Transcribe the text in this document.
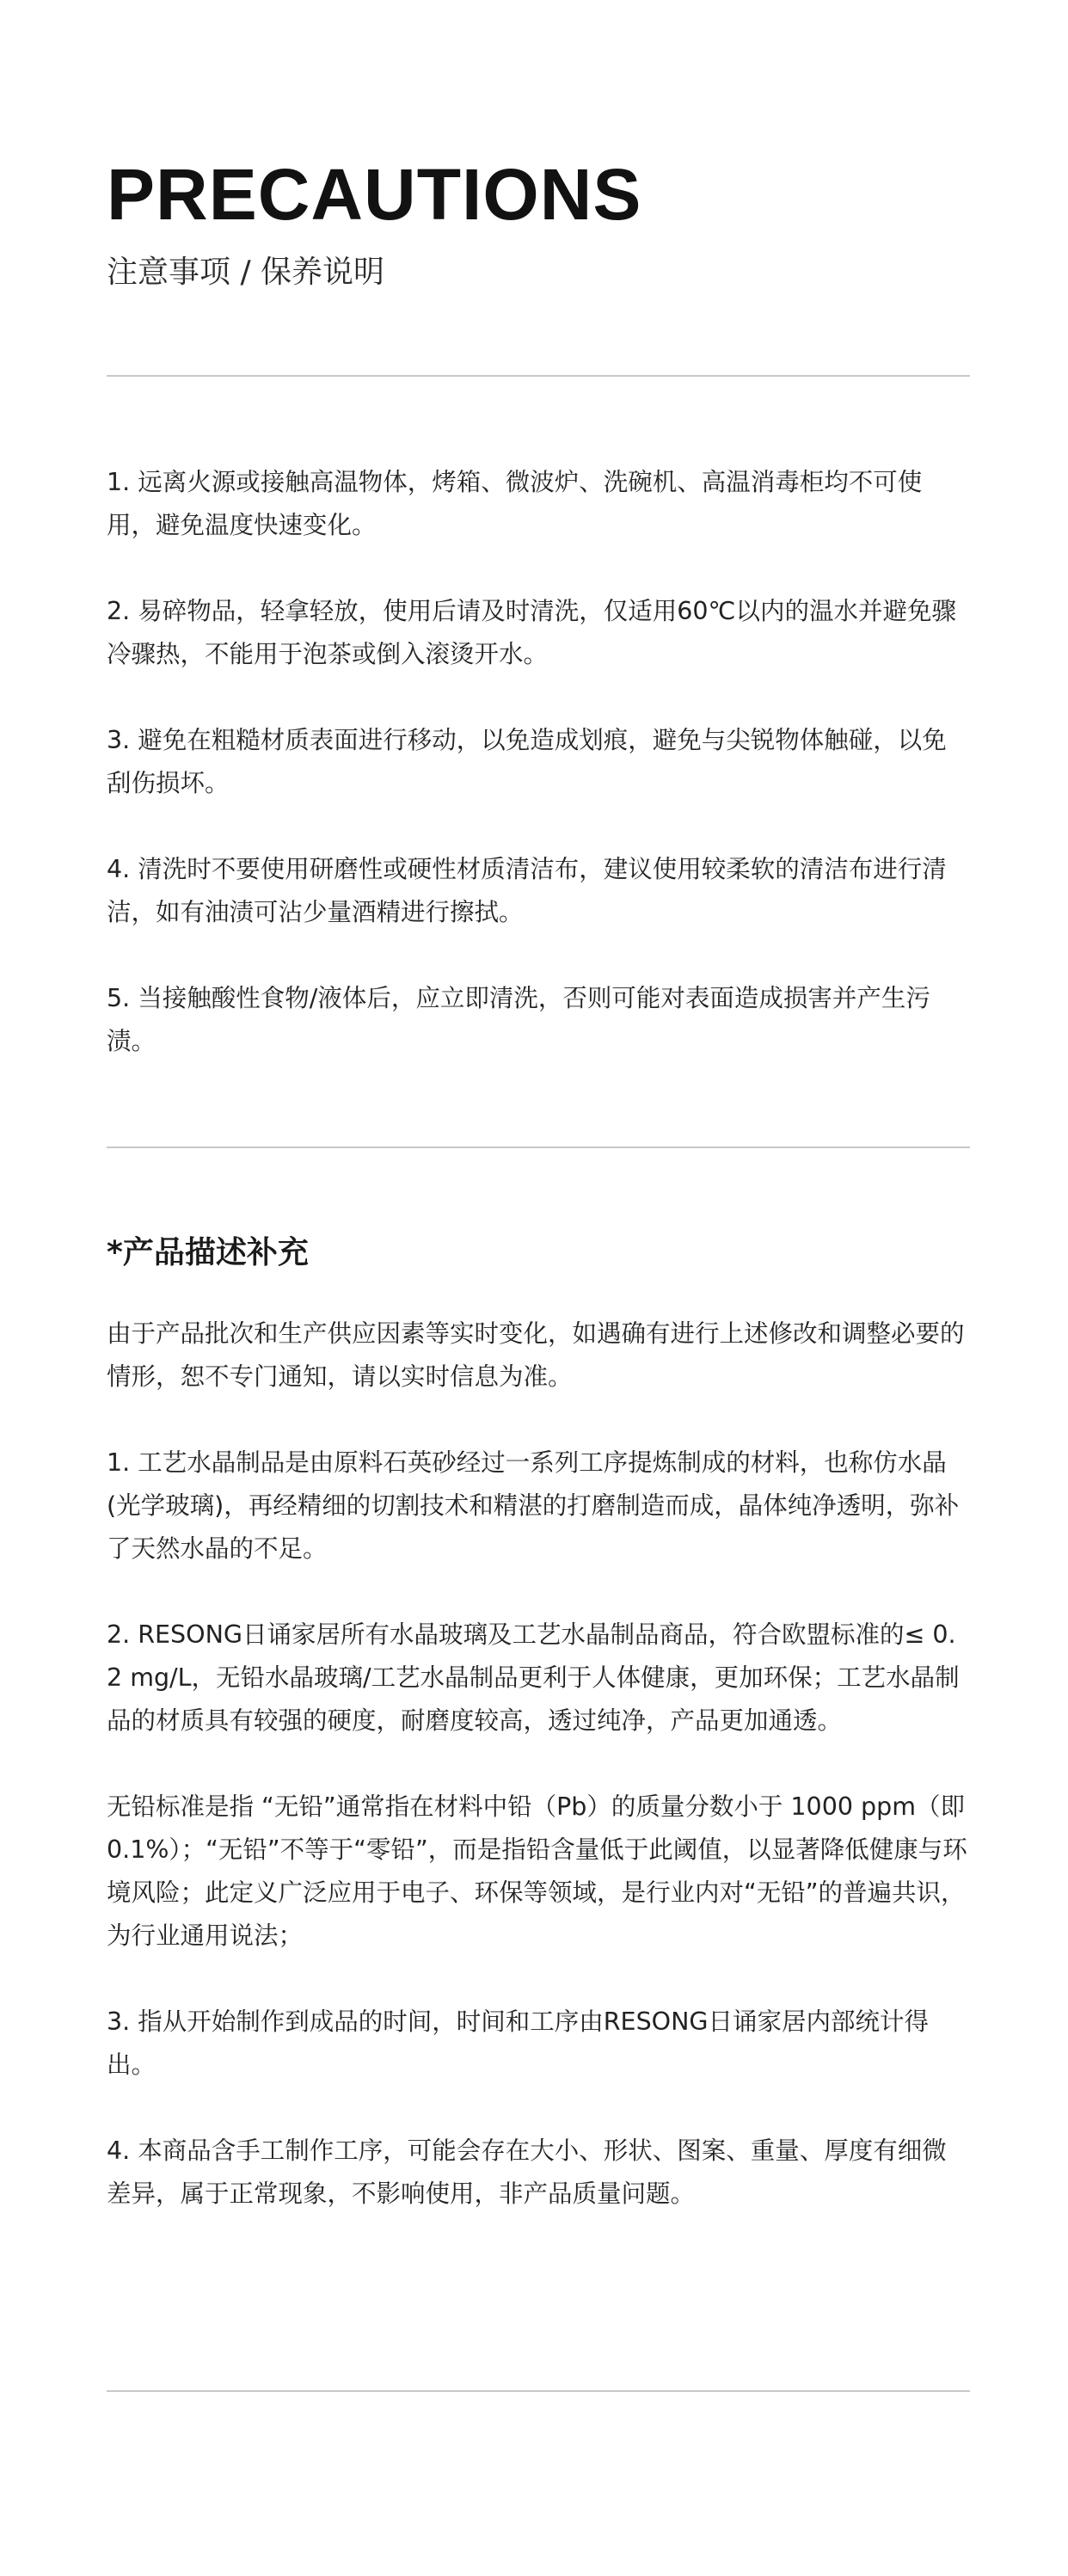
PRECAUTIONS
注意事项 / 保养说明
1. 远离火源或接触高温物体，烤箱、微波炉、洗碗机、高温消毒柜均不可使用，避免温度快速变化。
2. 易碎物品，轻拿轻放，使用后请及时清洗，仅适用60℃以内的温水并避免骤冷骤热，不能用于泡茶或倒入滚烫开水。
3. 避免在粗糙材质表面进行移动，以免造成划痕，避免与尖锐物体触碰，以免刮伤损坏。
4. 清洗时不要使用研磨性或硬性材质清洁布，建议使用较柔软的清洁布进行清洁，如有油渍可沾少量酒精进行擦拭。
5. 当接触酸性食物/液体后，应立即清洗，否则可能对表面造成损害并产生污渍。
*产品描述补充

由于产品批次和生产供应因素等实时变化，如遇确有进行上述修改和调整必要的情形，恕不专门通知，请以实时信息为准。

1. 工艺水晶制品是由原料石英砂经过一系列工序提炼制成的材料，也称仿水晶(光学玻璃)，再经精细的切割技术和精湛的打磨制造而成，晶体纯净透明，弥补了天然水晶的不足。

2. RESONG日诵家居所有水晶玻璃及工艺水晶制品商品，符合欧盟标准的≤ 0.2 mg/L，无铅水晶玻璃/工艺水晶制品更利于人体健康，更加环保；工艺水晶制品的材质具有较强的硬度，耐磨度较高，透过纯净，产品更加通透。

无铅标准是指 “无铅”通常指在材料中铅（Pb）的质量分数小于 1000 ppm（即 0.1%）；“无铅”不等于“零铅”，而是指铅含量低于此阈值，以显著降低健康与环境风险；此定义广泛应用于电子、环保等领域，是行业内对“无铅”的普遍共识，为行业通用说法；

3. 指从开始制作到成品的时间，时间和工序由RESONG日诵家居内部统计得出。

4. 本商品含手工制作工序，可能会存在大小、形状、图案、重量、厚度有细微差异，属于正常现象，不影响使用，非产品质量问题。
